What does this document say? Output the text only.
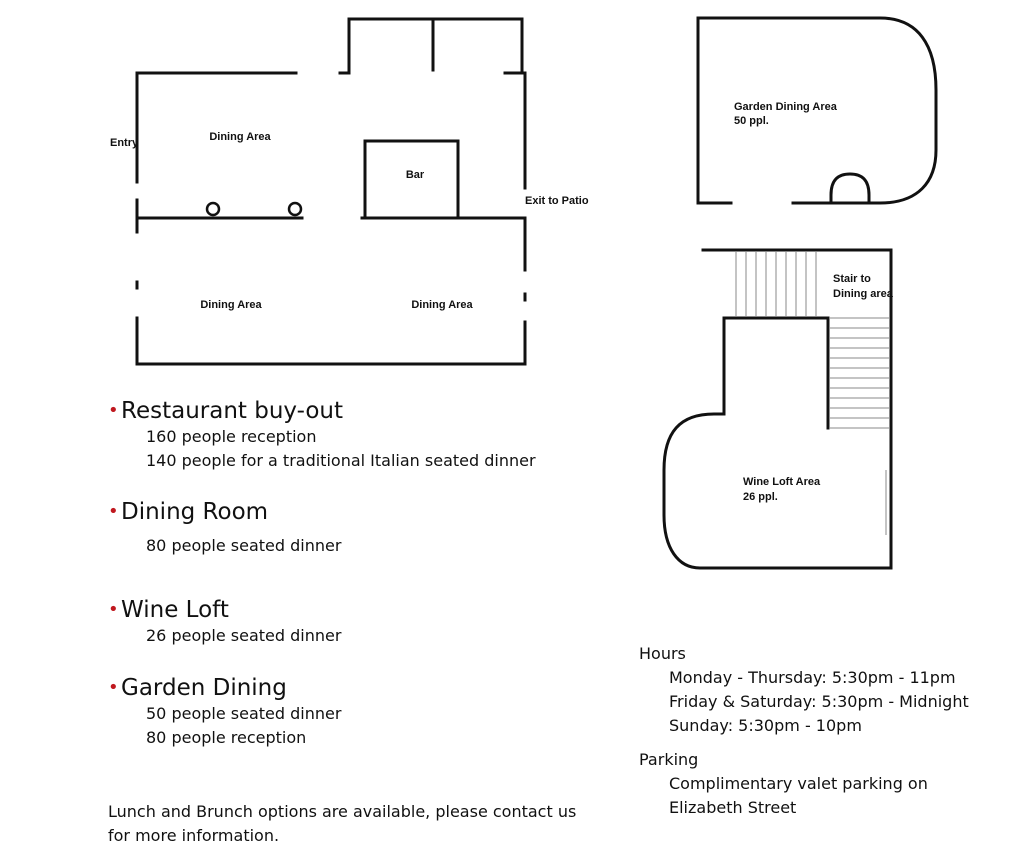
Entry	Dining Area
Bar
Exit to Patio
Dining Area	Dining Area
Garden Dining Area
50 ppl.
Stair to
Dining area
Wine Loft Area
26 ppl.
• Restaurant buy-out
160 people reception
140 people for a traditional Italian seated dinner
• Dining Room
80 people seated dinner
• Wine Loft
26 people seated dinner
• Garden Dining
50 people seated dinner
80 people reception
Lunch and Brunch options are available, please contact us
for more information.
Hours
Monday - Thursday: 5:30pm - 11pm
Friday & Saturday: 5:30pm - Midnight
Sunday: 5:30pm - 10pm
Parking
Complimentary valet parking on
Elizabeth Street
